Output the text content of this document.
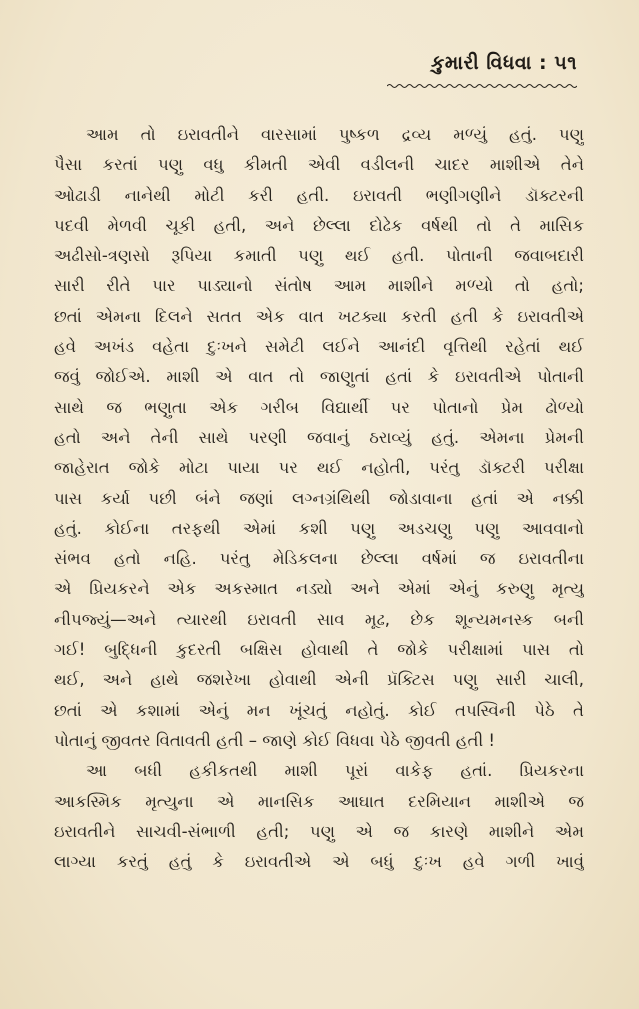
કુમારી વિધવા : ૫૧
આમ તો ઇરાવતીને વારસામાં પુષ્કળ દ્રવ્ય મળ્યું હતું. પણુ
પૈસા કરતાં પણુ વધુ કીમતી એવી વડીલની ચાદર માશીએ તેને
ઓઢાડી નાનેથી મોટી કરી હતી. ઇરાવતી ભણીગણીને ડૉક્ટરની
પદવી મેળવી ચૂકી હતી, અને છેલ્લા દોઢેક વર્ષથી તો તે માસિક
અઢીસો-ત્રણસો રૂપિયા કમાતી પણુ થઈ હતી. પોતાની જવાબદારી
સારી રીતે પાર પાડ્યાનો સંતોષ આમ માશીને મળ્યો તો હતો;
છતાં એમના દિલને સતત એક વાત ખટક્યા કરતી હતી કે ઇરાવતીએ
હવે અખંડ વહેતા દુઃખને સમેટી લઈને આનંદી વૃત્તિથી રહેતાં થઈ
જવું જોઈએ. માશી એ વાત તો જાણુતાં હતાં કે ઇરાવતીએ પોતાની
સાથે જ ભણુતા એક ગરીબ વિદ્યાર્થી પર પોતાનો પ્રેમ ઢોળ્યો
હતો અને તેની સાથે પરણી જવાનું ઠરાવ્યું હતું. એમના પ્રેમની
જાહેરાત જોકે મોટા પાયા પર થઈ નહોતી, પરંતુ ડૉક્ટરી પરીક્ષા
પાસ કર્યા પછી બંને જણાં લગ્નગ્રંથિથી જોડાવાના હતાં એ નક્કી
હતું. કોઈના તરફથી એમાં કશી પણુ અડચણુ પણુ આવવાનો
સંભવ હતો નહિ. પરંતુ મેડિકલના છેલ્લા વર્ષમાં જ ઇરાવતીના
એ પ્રિયકરને એક અકસ્માત નડ્યો અને એમાં એનું કરુણુ મૃત્યુ
નીપજ્યું—અને ત્યારથી ઇરાવતી સાવ મૂઢ, છેક શૂન્યમનસ્ક બની
ગઈ! બુદ્ધિની કુદરતી બક્ષિસ હોવાથી તે જોકે પરીક્ષામાં પાસ તો
થઈ, અને હાથે જશરેખા હોવાથી એની પ્રૅક્ટિસ પણુ સારી ચાલી,
છતાં એ કશામાં એનું મન ખૂંચતું નહોતું. કોઈ તપસ્વિની પેઠે તે
પોતાનું જીવતર વિતાવતી હતી – જાણે કોઈ વિધવા પેઠે જીવતી હતી !
આ બધી હકીકતથી માશી પૂરાં વાકેફ હતાં. પ્રિયકરના
આકસ્મિક મૃત્યુના એ માનસિક આઘાત દરમિયાન માશીએ જ
ઇરાવતીને સાચવી-સંભાળી હતી; પણુ એ જ કારણે માશીને એમ
લાગ્યા કરતું હતું કે ઇરાવતીએ એ બધું દુઃખ હવે ગળી ખાવું
